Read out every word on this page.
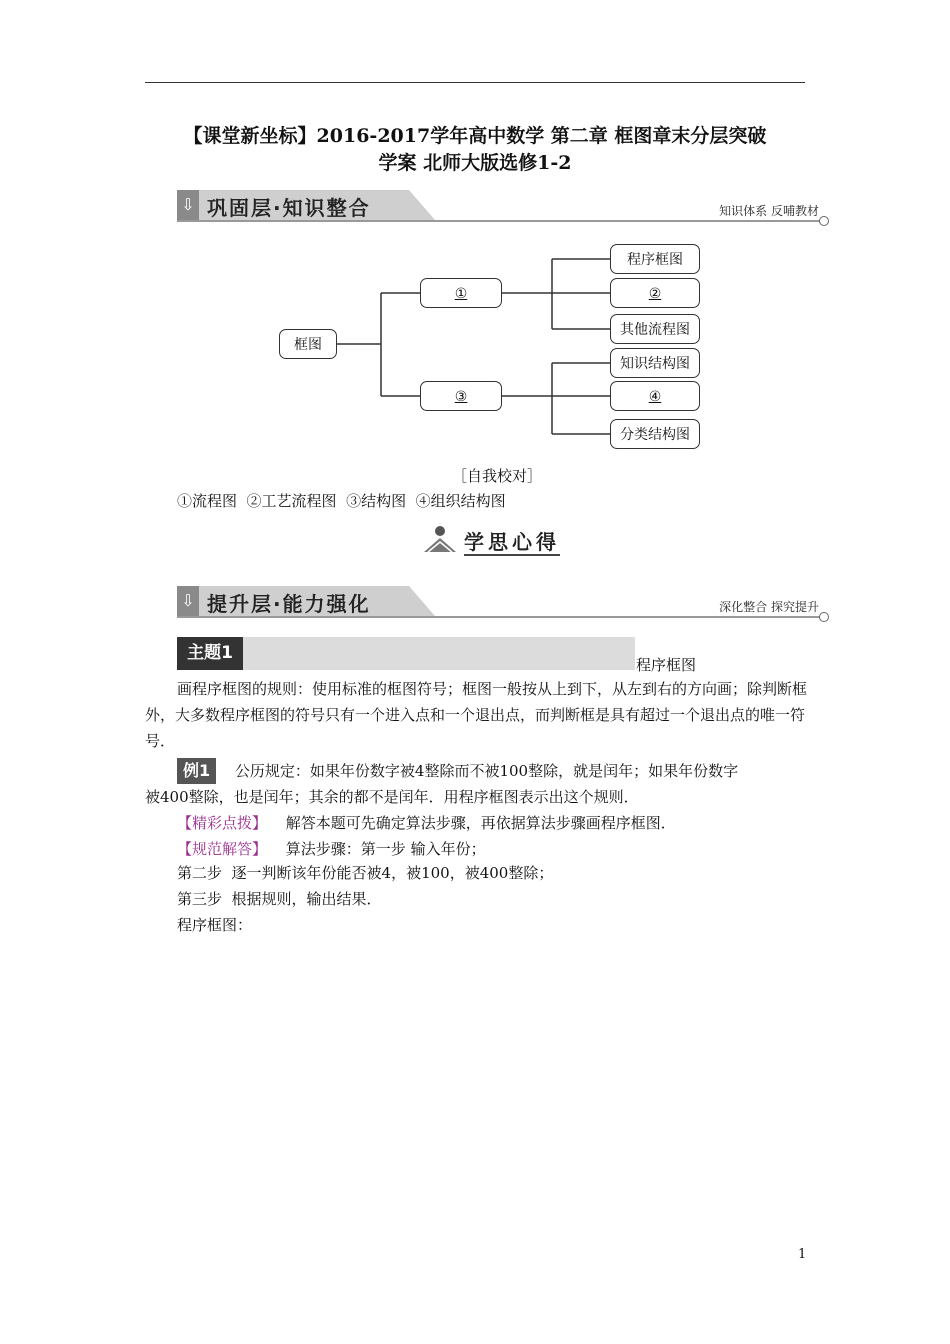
【课堂新坐标】2016-2017学年高中数学 第二章 框图章末分层突破
学案 北师大版选修1-2
⇩ 巩固层·知识整合	知识体系 反哺教材
框图
①
③
程序框图
②
其他流程图
知识结构图
④
分类结构图
［自我校对］
①流程图  ②工艺流程图  ③结构图  ④组织结构图
学思心得
⇩ 提升层·能力强化	深化整合 探究提升
主题1
程序框图
画程序框图的规则：使用标准的框图符号；框图一般按从上到下，从左到右的方向画；除判断框外，大多数程序框图的符号只有一个进入点和一个退出点，而判断框是具有超过一个退出点的唯一符号．
例1 公历规定：如果年份数字被4整除而不被100整除，就是闰年；如果年份数字
被400整除，也是闰年；其余的都不是闰年．用程序框图表示出这个规则．
【精彩点拨】 解答本题可先确定算法步骤，再依据算法步骤画程序框图．
【规范解答】 算法步骤：第一步 输入年份；
第二步  逐一判断该年份能否被4，被100，被400整除；
第三步  根据规则，输出结果．
程序框图：
1
